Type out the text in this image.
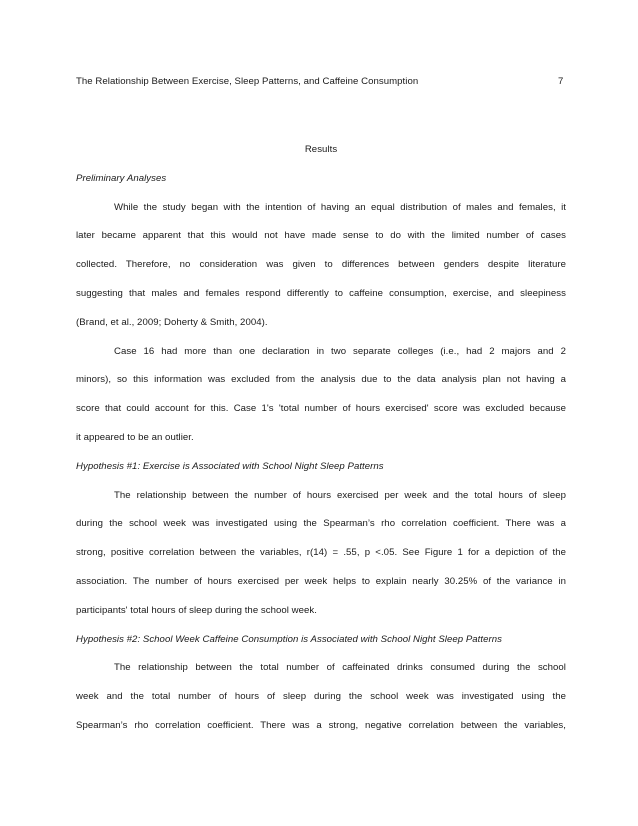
The Relationship Between Exercise, Sleep Patterns, and Caffeine Consumption	7
Results
Preliminary Analyses
While the study began with the intention of having an equal distribution of males and females, it
later became apparent that this would not have made sense to do with the limited number of cases
collected. Therefore, no consideration was given to differences between genders despite literature
suggesting that males and females respond differently to caffeine consumption, exercise, and sleepiness
(Brand, et al., 2009; Doherty & Smith, 2004).
Case 16 had more than one declaration in two separate colleges (i.e., had 2 majors and 2
minors), so this information was excluded from the analysis due to the data analysis plan not having a
score that could account for this. Case 1's 'total number of hours exercised' score was excluded because
it appeared to be an outlier.
Hypothesis #1: Exercise is Associated with School Night Sleep Patterns
The relationship between the number of hours exercised per week and the total hours of sleep
during the school week was investigated using the Spearman’s rho correlation coefficient. There was a
strong, positive correlation between the variables, r(14) = .55, p <.05. See Figure 1 for a depiction of the
association. The number of hours exercised per week helps to explain nearly 30.25% of the variance in
participants' total hours of sleep during the school week.
Hypothesis #2: School Week Caffeine Consumption is Associated with School Night Sleep Patterns
The relationship between the total number of caffeinated drinks consumed during the school
week and the total number of hours of sleep during the school week was investigated using the
Spearman’s rho correlation coefficient. There was a strong, negative correlation between the variables,
